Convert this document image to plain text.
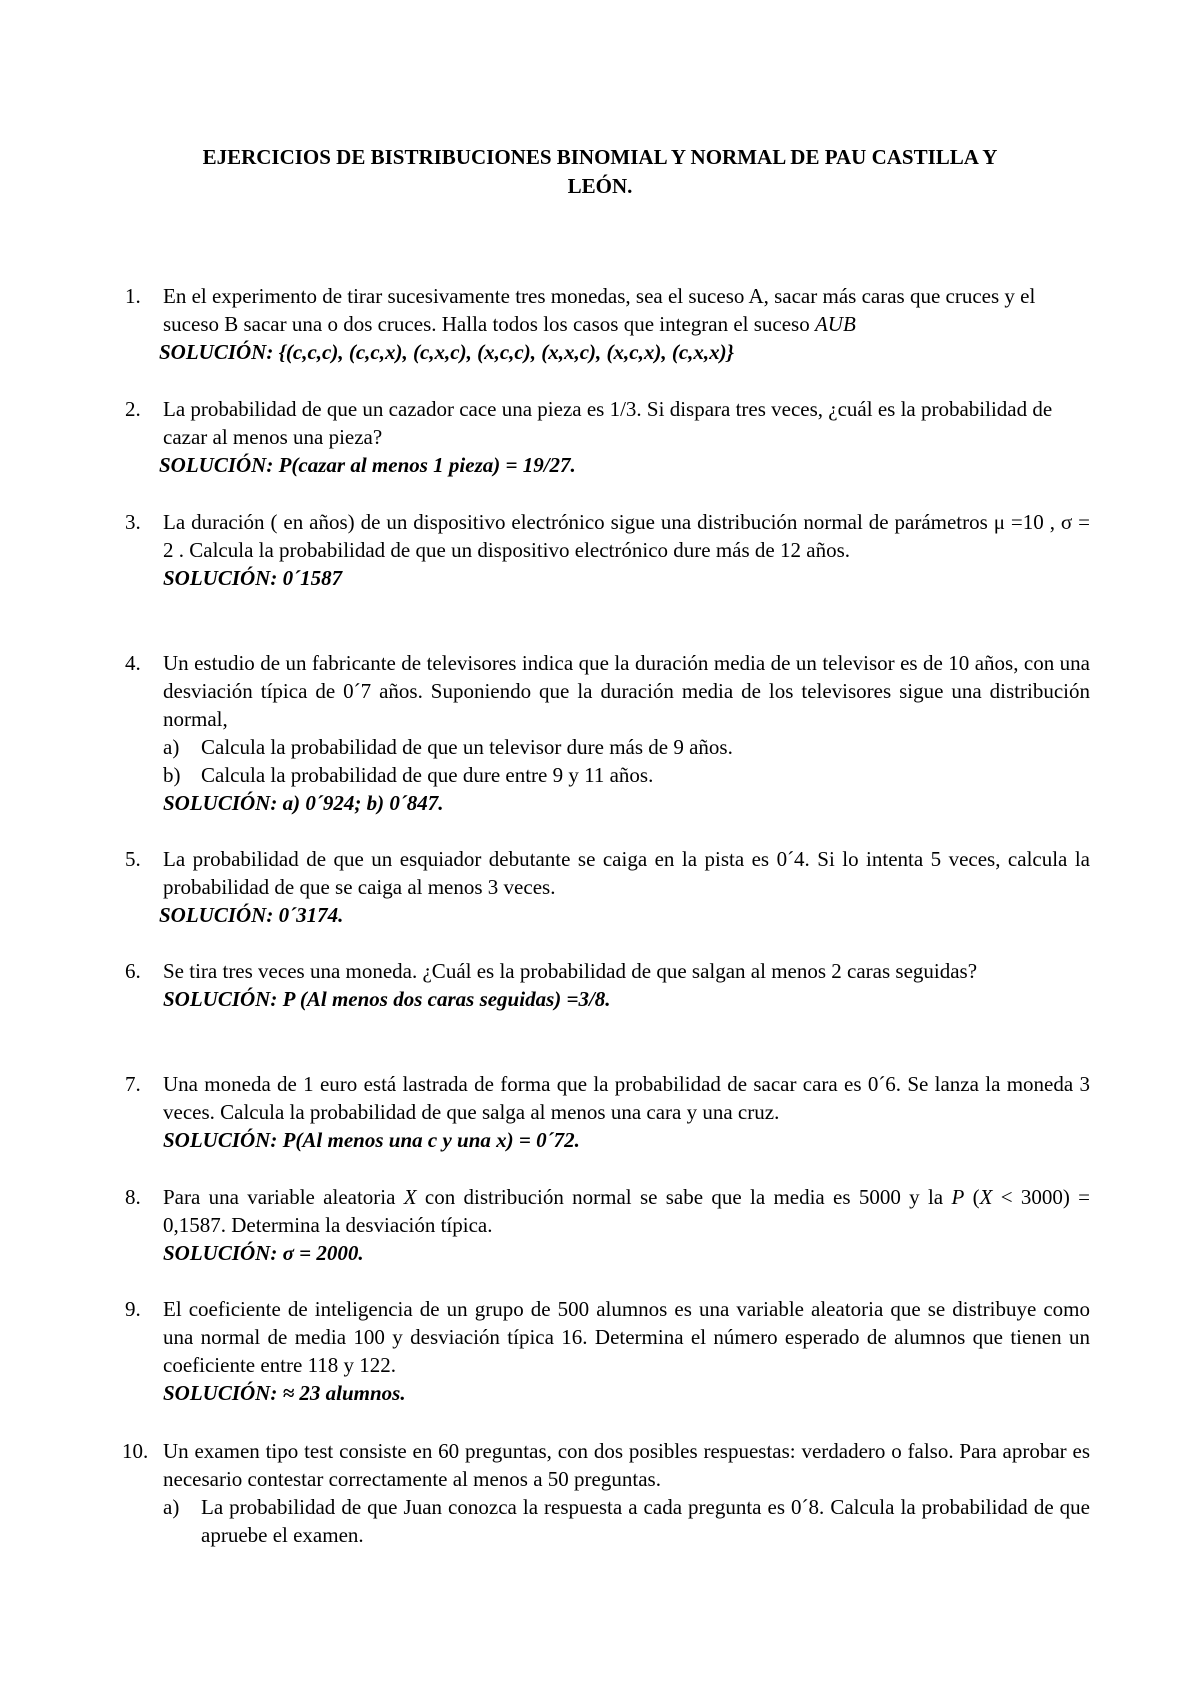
EJERCICIOS DE BISTRIBUCIONES BINOMIAL Y NORMAL DE PAU CASTILLA Y
LEÓN.
1. En el experimento de tirar sucesivamente tres monedas, sea el suceso A, sacar más caras que cruces y el suceso B sacar una o dos cruces. Halla todos los casos que integran el suceso AUB
SOLUCIÓN: {(c,c,c), (c,c,x), (c,x,c), (x,c,c), (x,x,c), (x,c,x), (c,x,x)}
2. La probabilidad de que un cazador cace una pieza es 1/3. Si dispara tres veces, ¿cuál es la probabilidad de cazar al menos una pieza?
SOLUCIÓN: P(cazar al menos 1 pieza) = 19/27.
3. La duración ( en años) de un dispositivo electrónico sigue una distribución normal de parámetros μ =10 , σ = 2 . Calcula la probabilidad de que un dispositivo electrónico dure más de 12 años.
SOLUCIÓN: 0´1587
4. Un estudio de un fabricante de televisores indica que la duración media de un televisor es de 10 años, con una desviación típica de 0´7 años. Suponiendo que la duración media de los televisores sigue una distribución normal,
a) Calcula la probabilidad de que un televisor dure más de 9 años.
b) Calcula la probabilidad de que dure entre 9 y 11 años.
SOLUCIÓN: a) 0´924; b) 0´847.
5. La probabilidad de que un esquiador debutante se caiga en la pista es 0´4. Si lo intenta 5 veces, calcula la probabilidad de que se caiga al menos 3 veces.
SOLUCIÓN: 0´3174.
6. Se tira tres veces una moneda. ¿Cuál es la probabilidad de que salgan al menos 2 caras seguidas?
SOLUCIÓN: P (Al menos dos caras seguidas) =3/8.
7. Una moneda de 1 euro está lastrada de forma que la probabilidad de sacar cara es 0´6. Se lanza la moneda 3 veces. Calcula la probabilidad de que salga al menos una cara y una cruz.
SOLUCIÓN: P(Al menos una c y una x) = 0´72.
8. Para una variable aleatoria X con distribución normal se sabe que la media es 5000 y la P (X < 3000) = 0,1587. Determina la desviación típica.
SOLUCIÓN: σ = 2000.
9. El coeficiente de inteligencia de un grupo de 500 alumnos es una variable aleatoria que se distribuye como una normal de media 100 y desviación típica 16. Determina el número esperado de alumnos que tienen un coeficiente entre 118 y 122.
SOLUCIÓN: ≈ 23 alumnos.
10. Un examen tipo test consiste en 60 preguntas, con dos posibles respuestas: verdadero o falso. Para aprobar es necesario contestar correctamente al menos a 50 preguntas.
a) La probabilidad de que Juan conozca la respuesta a cada pregunta es 0´8. Calcula la probabilidad de que apruebe el examen.
